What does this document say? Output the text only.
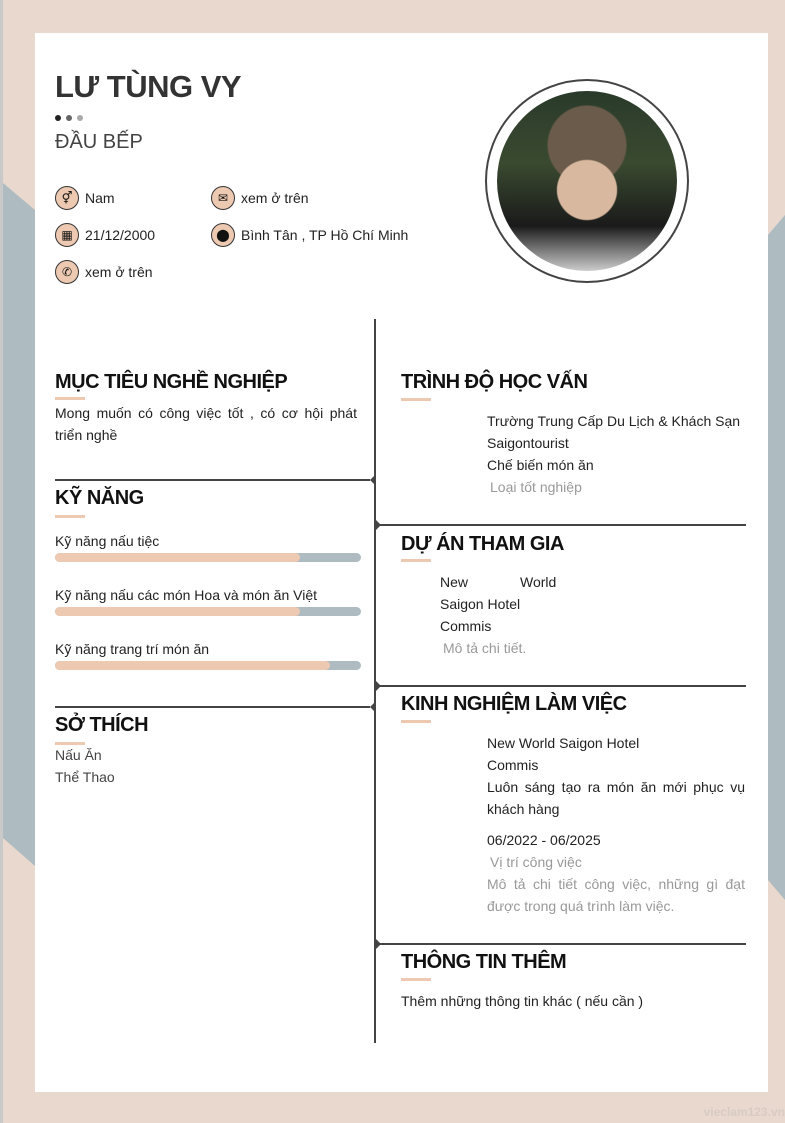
LƯ TÙNG VY
ĐẦU BẾP
⚥ Nam	✉ xem ở trên
▦ 21/12/2000	⬤ Bình Tân , TP Hồ Chí Minh
✆ xem ở trên
MỤC TIÊU NGHỀ NGHIỆP
Mong muốn có công việc tốt , có cơ hội phát triển nghề
KỸ NĂNG
Kỹ năng nấu tiệc
Kỹ năng nấu các món Hoa và món ăn Việt
Kỹ năng trang trí món ăn
SỞ THÍCH
Nấu Ăn
Thể Thao
TRÌNH ĐỘ HỌC VẤN
Trường Trung Cấp Du Lịch & Khách Sạn Saigontourist
Chế biến món ăn
Loại tốt nghiệp
DỰ ÁN THAM GIA
New	World
Saigon Hotel
Commis
Mô tả chi tiết.
KINH NGHIỆM LÀM VIỆC
New World Saigon Hotel
Commis
Luôn sáng tạo ra món ăn mới phục vụ khách hàng
06/2022 - 06/2025
Vị trí công việc
Mô tả chi tiết công việc, những gì đạt được trong quá trình làm việc.
THÔNG TIN THÊM
Thêm những thông tin khác ( nếu cần )
vieclam123.vn
